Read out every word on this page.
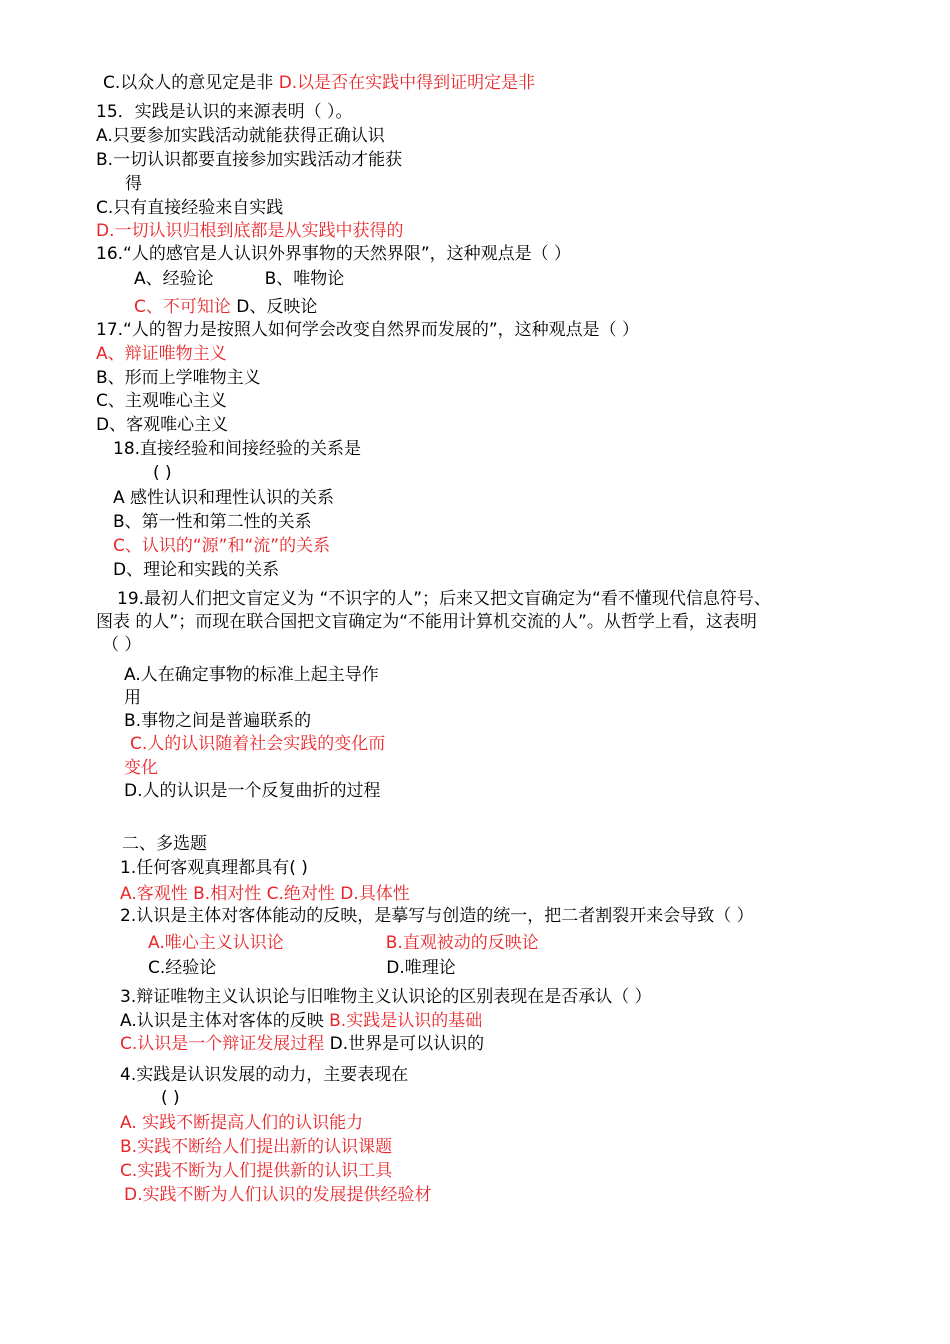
C.以众人的意见定是非 D.以是否在实践中得到证明定是非
15．实践是认识的来源表明（ ）。
A.只要参加实践活动就能获得正确认识
B.一切认识都要直接参加实践活动才能获
得
C.只有直接经验来自实践
D.一切认识归根到底都是从实践中获得的
16.“人的感官是人认识外界事物的天然界限”，这种观点是（ ）
A、经验论　　　B、唯物论
C、不可知论 D、反映论
17.“人的智力是按照人如何学会改变自然界而发展的”，这种观点是（ ）
A、辩证唯物主义
B、形而上学唯物主义
C、主观唯心主义
D、客观唯心主义
18.直接经验和间接经验的关系是
( )
A 感性认识和理性认识的关系
B、第一性和第二性的关系
C、认识的“源”和“流”的关系
D、理论和实践的关系
19.最初人们把文盲定义为 “不识字的人”；后来又把文盲确定为“看不懂现代信息符号、
图表 的人”；而现在联合国把文盲确定为“不能用计算机交流的人”。从哲学上看，这表明
（ ）
A.人在确定事物的标准上起主导作
用
B.事物之间是普遍联系的
C.人的认识随着社会实践的变化而
变化
D.人的认识是一个反复曲折的过程
二、多选题
1.任何客观真理都具有( )
A.客观性 B.相对性 C.绝对性 D.具体性
2.认识是主体对客体能动的反映，是摹写与创造的统一，把二者割裂开来会导致（ ）
A.唯心主义认识论　　　　　　B.直观被动的反映论
C.经验论　　　　　　　　　　D.唯理论
3.辩证唯物主义认识论与旧唯物主义认识论的区别表现在是否承认（ ）
A.认识是主体对客体的反映 B.实践是认识的基础
C.认识是一个辩证发展过程 D.世界是可以认识的
4.实践是认识发展的动力，主要表现在
( )
A. 实践不断提高人们的认识能力
B.实践不断给人们提出新的认识课题
C.实践不断为人们提供新的认识工具
D.实践不断为人们认识的发展提供经验材
